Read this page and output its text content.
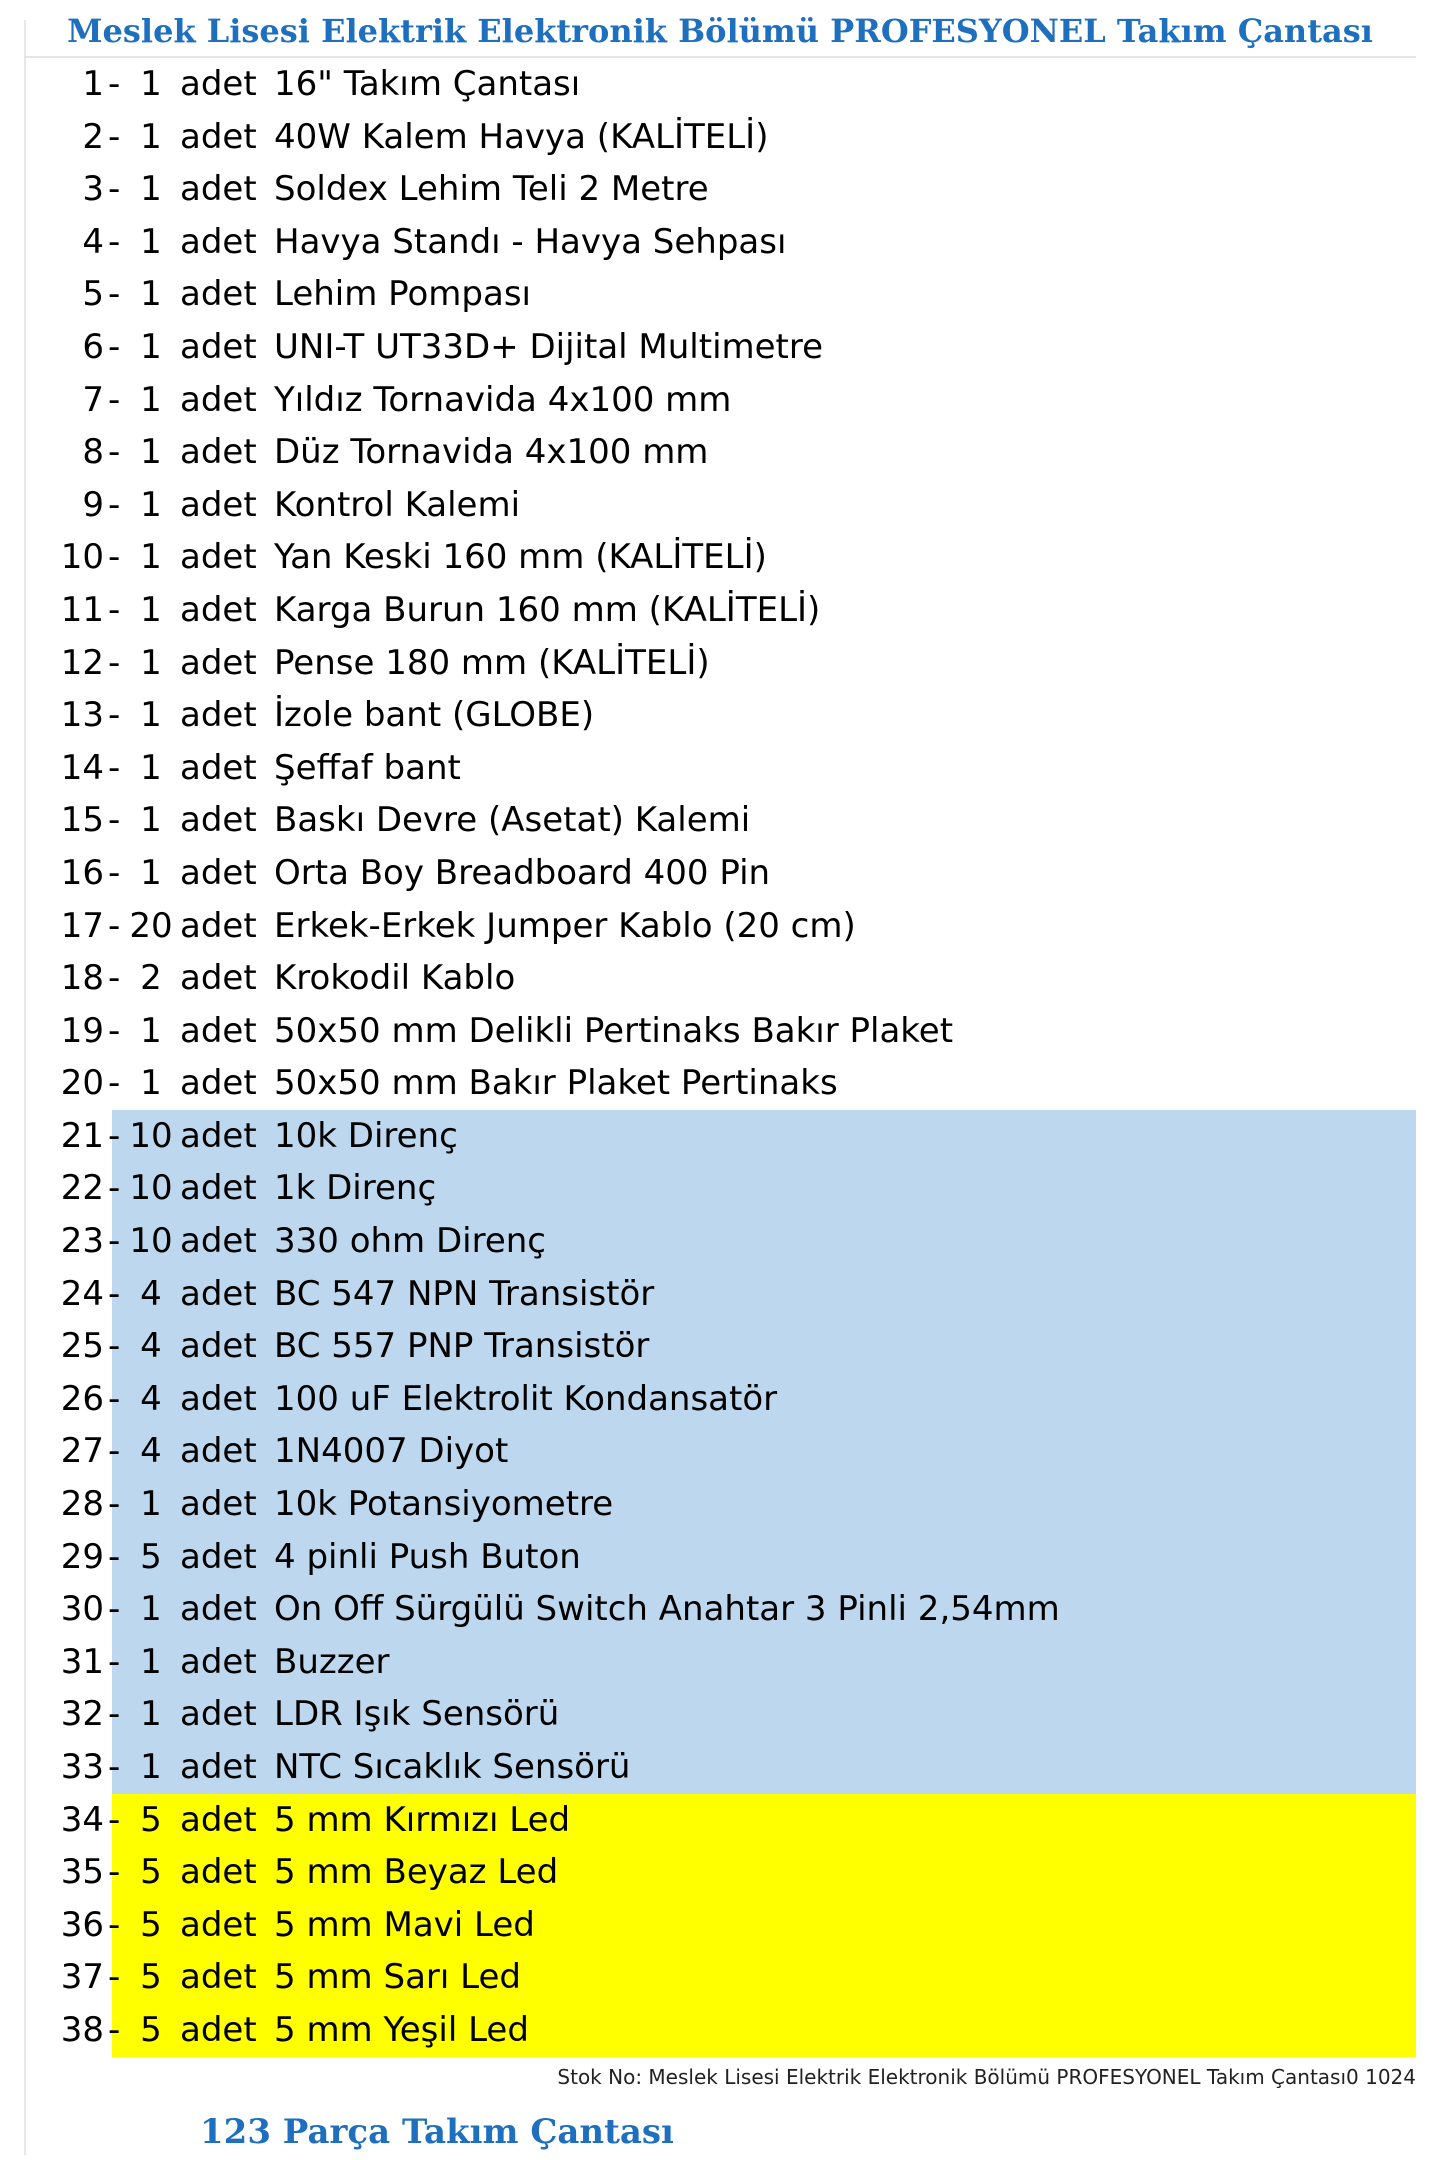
Meslek Lisesi Elektrik Elektronik Bölümü PROFESYONEL Takım Çantası
1 - 1 adet 16" Takım Çantası
2 - 1 adet 40W Kalem Havya (KALİTELİ)
3 - 1 adet Soldex Lehim Teli 2 Metre
4 - 1 adet Havya Standı - Havya Sehpası
5 - 1 adet Lehim Pompası
6 - 1 adet UNI-T UT33D+ Dijital Multimetre
7 - 1 adet Yıldız Tornavida 4x100 mm
8 - 1 adet Düz Tornavida 4x100 mm
9 - 1 adet Kontrol Kalemi
10 - 1 adet Yan Keski 160 mm (KALİTELİ)
11 - 1 adet Karga Burun 160 mm (KALİTELİ)
12 - 1 adet Pense 180 mm (KALİTELİ)
13 - 1 adet İzole bant (GLOBE)
14 - 1 adet Şeffaf bant
15 - 1 adet Baskı Devre (Asetat) Kalemi
16 - 1 adet Orta Boy Breadboard 400 Pin
17 - 20 adet Erkek-Erkek Jumper Kablo (20 cm)
18 - 2 adet Krokodil Kablo
19 - 1 adet 50x50 mm Delikli Pertinaks Bakır Plaket
20 - 1 adet 50x50 mm Bakır Plaket Pertinaks
21 - 10 adet 10k Direnç
22 - 10 adet 1k Direnç
23 - 10 adet 330 ohm Direnç
24 - 4 adet BC 547 NPN Transistör
25 - 4 adet BC 557 PNP Transistör
26 - 4 adet 100 uF Elektrolit Kondansatör
27 - 4 adet 1N4007 Diyot
28 - 1 adet 10k Potansiyometre
29 - 5 adet 4 pinli Push Buton
30 - 1 adet On Off Sürgülü Switch Anahtar 3 Pinli 2,54mm
31 - 1 adet Buzzer
32 - 1 adet LDR Işık Sensörü
33 - 1 adet NTC Sıcaklık Sensörü
34 - 5 adet 5 mm Kırmızı Led
35 - 5 adet 5 mm Beyaz Led
36 - 5 adet 5 mm Mavi Led
37 - 5 adet 5 mm Sarı Led
38 - 5 adet 5 mm Yeşil Led
Stok No: Meslek Lisesi Elektrik Elektronik Bölümü PROFESYONEL Takım Çantası0 1024
123 Parça Takım Çantası
